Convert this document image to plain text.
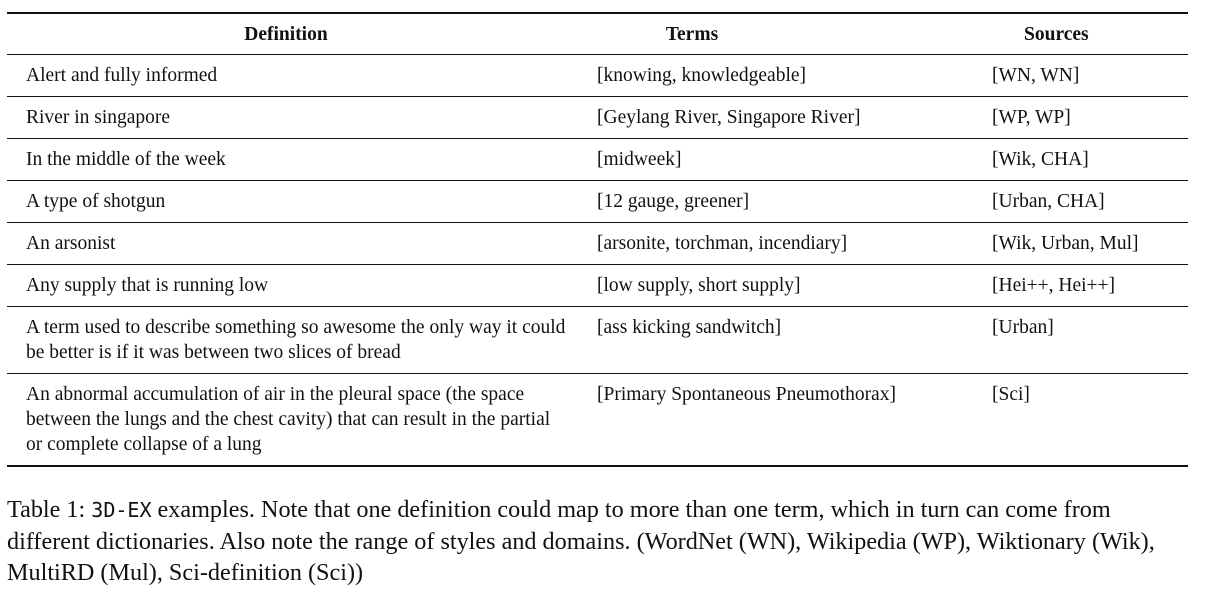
Definition	Terms	Sources
Alert and fully informed	[knowing, knowledgeable]	[WN, WN]
River in singapore	[Geylang River, Singapore River]	[WP, WP]
In the middle of the week	[midweek]	[Wik, CHA]
A type of shotgun	[12 gauge, greener]	[Urban, CHA]
An arsonist	[arsonite, torchman, incendiary]	[Wik, Urban, Mul]
Any supply that is running low	[low supply, short supply]	[Hei++, Hei++]
A term used to describe something so awesome the only way it could be better is if it was between two slices of bread	[ass kicking sandwitch]	[Urban]
An abnormal accumulation of air in the pleural space (the space between the lungs and the chest cavity) that can result in the partial or complete collapse of a lung	[Primary Spontaneous Pneumothorax]	[Sci]
Table 1: 3D-EX examples. Note that one definition could map to more than one term, which in turn can come from different dictionaries. Also note the range of styles and domains. (WordNet (WN), Wikipedia (WP), Wiktionary (Wik), MultiRD (Mul), Sci-definition (Sci))
